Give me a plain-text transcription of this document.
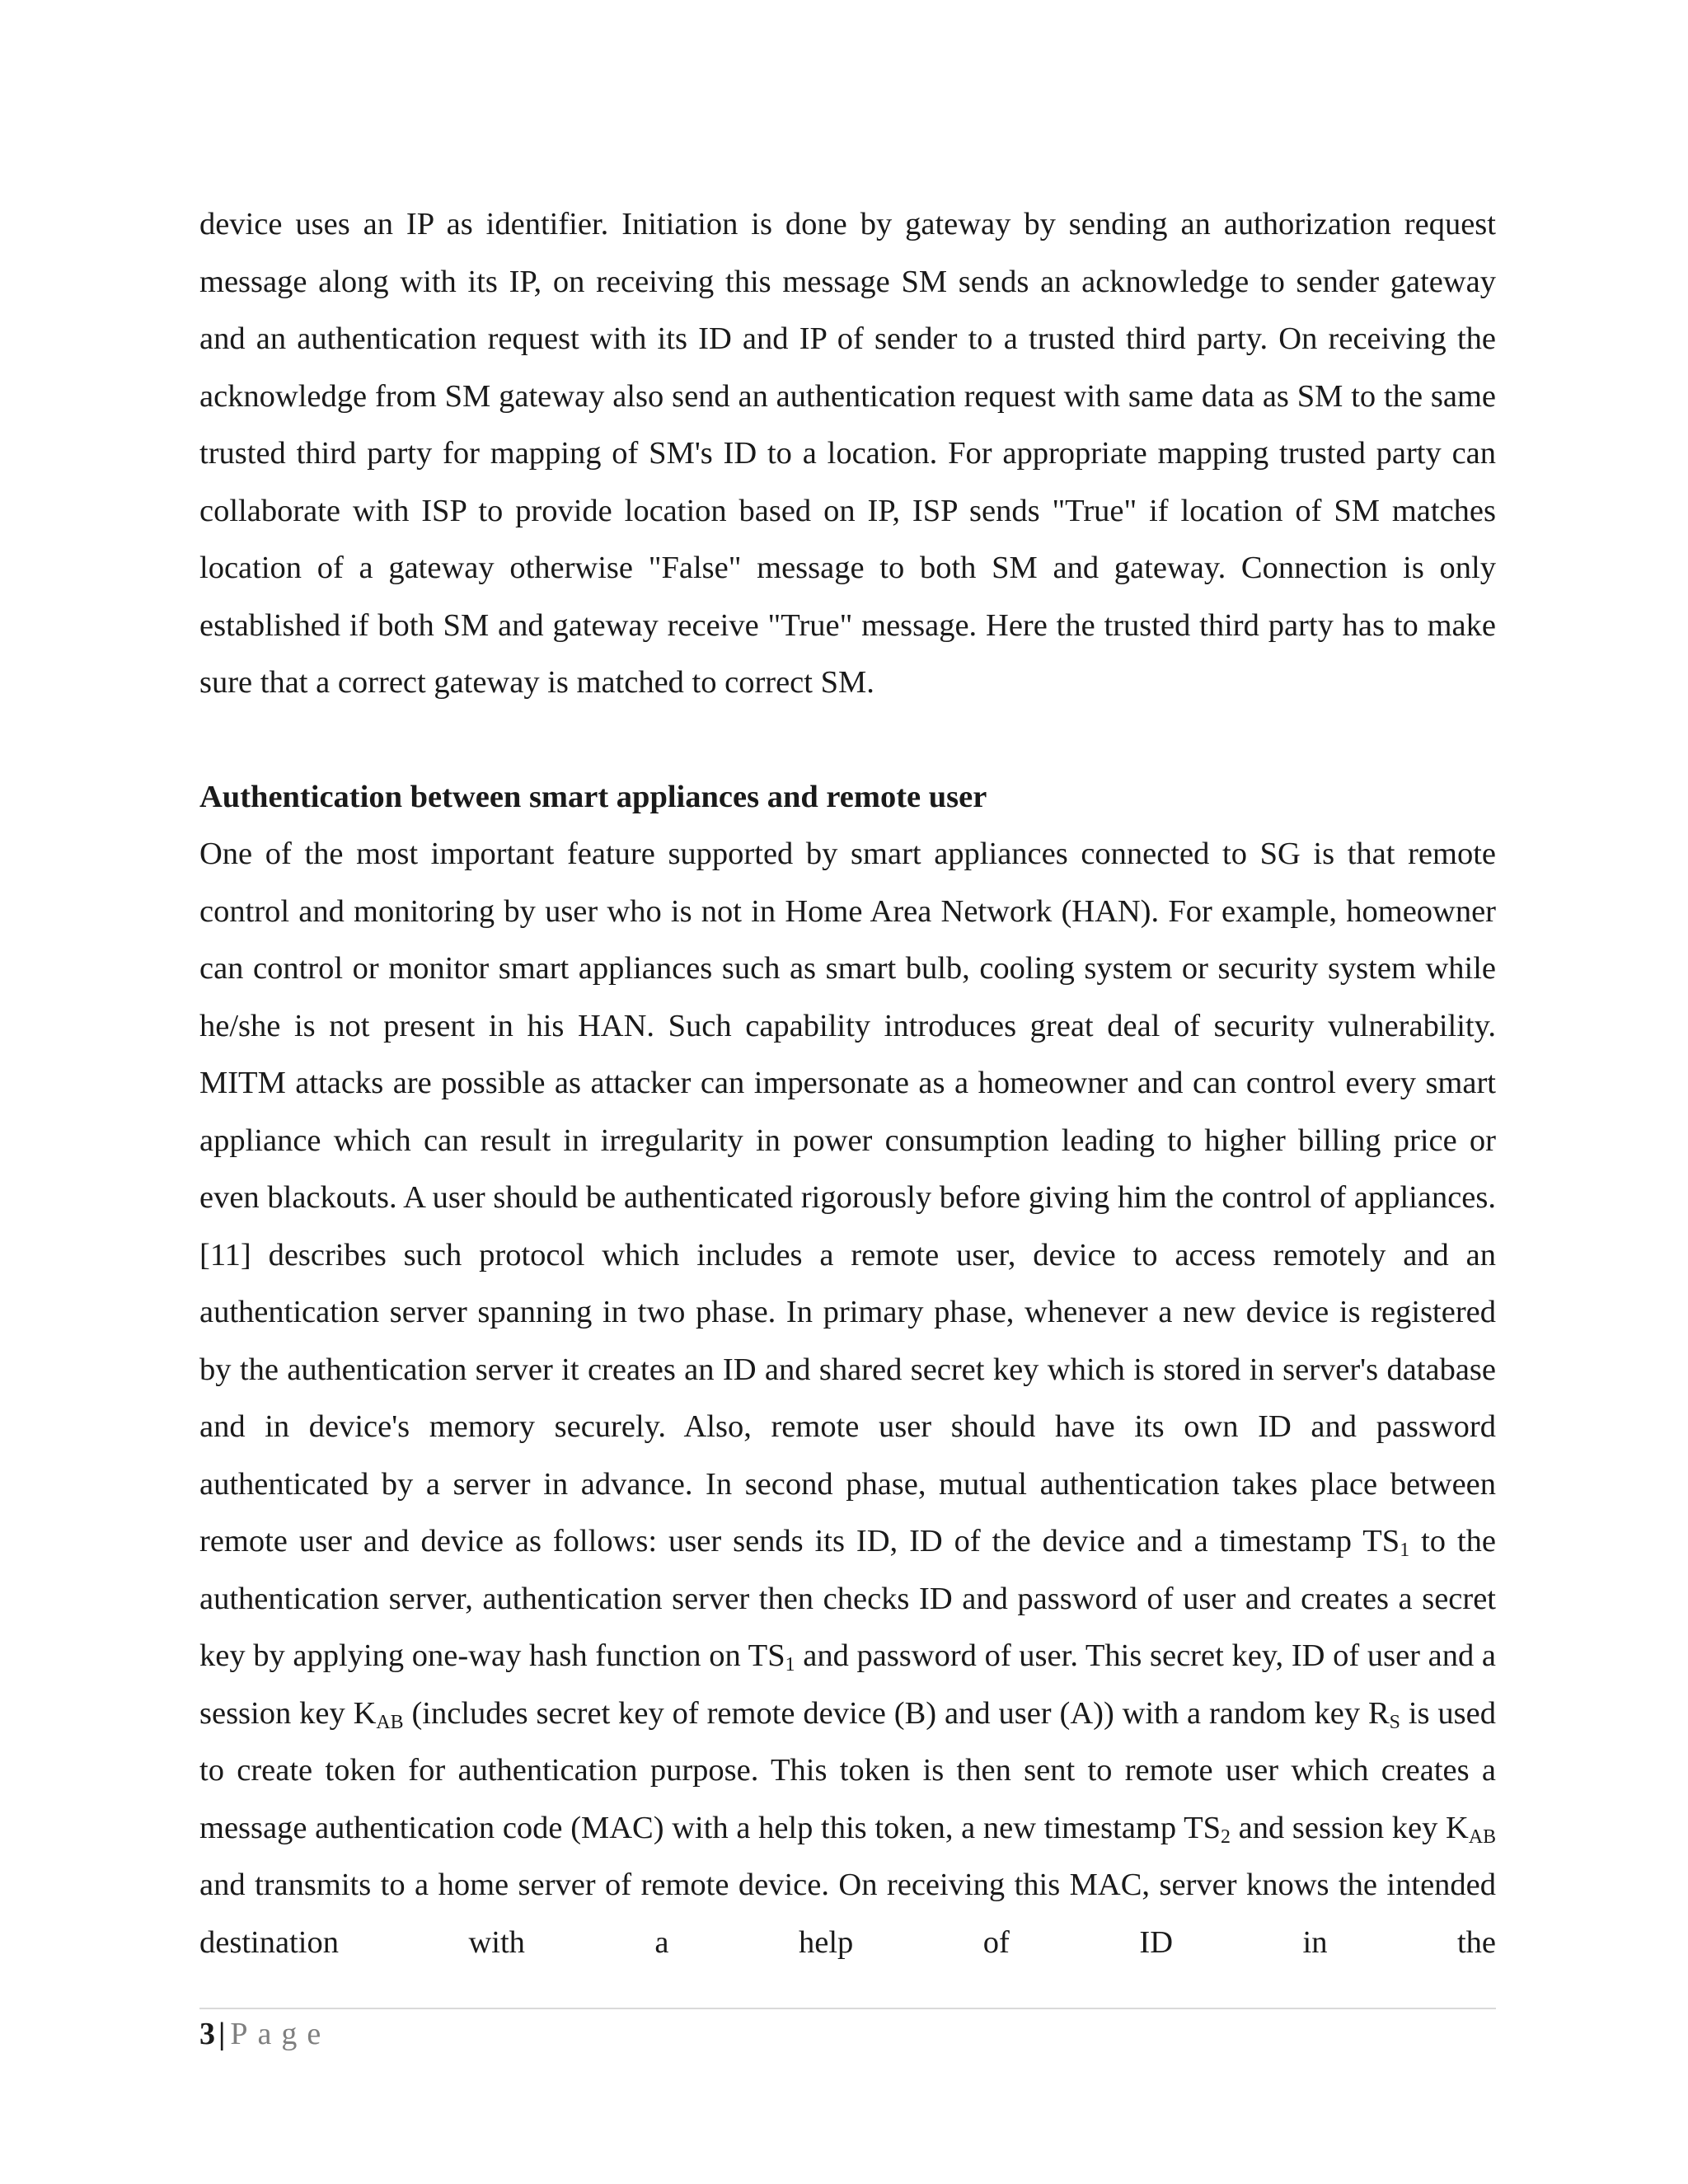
device uses an IP as identifier. Initiation is done by gateway by sending an authorization request message along with its IP, on receiving this message SM sends an acknowledge to sender gateway and an authentication request with its ID and IP of sender to a trusted third party. On receiving the acknowledge from SM gateway also send an authentication request with same data as SM to the same trusted third party for mapping of SM's ID to a location. For appropriate mapping trusted party can collaborate with ISP to provide location based on IP, ISP sends "True" if location of SM matches location of a gateway otherwise "False" message to both SM and gateway. Connection is only established if both SM and gateway receive "True" message. Here the trusted third party has to make sure that a correct gateway is matched to correct SM.

Authentication between smart appliances and remote user

One of the most important feature supported by smart appliances connected to SG is that remote control and monitoring by user who is not in Home Area Network (HAN). For example, homeowner can control or monitor smart appliances such as smart bulb, cooling system or security system while he/she is not present in his HAN. Such capability introduces great deal of security vulnerability. MITM attacks are possible as attacker can impersonate as a homeowner and can control every smart appliance which can result in irregularity in power consumption leading to higher billing price or even blackouts. A user should be authenticated rigorously before giving him the control of appliances. [11] describes such protocol which includes a remote user, device to access remotely and an authentication server spanning in two phase. In primary phase, whenever a new device is registered by the authentication server it creates an ID and shared secret key which is stored in server's database and in device's memory securely. Also, remote user should have its own ID and password authenticated by a server in advance. In second phase, mutual authentication takes place between remote user and device as follows: user sends its ID, ID of the device and a timestamp $TS_1$ to the authentication server, authentication server then checks ID and password of user and creates a secret key by applying one-way hash function on $TS_1$ and password of user. This secret key, ID of user and a session key $K_{AB}$ (includes secret key of remote device (B) and user (A)) with a random key $R_S$ is used to create token for authentication purpose. This token is then sent to remote user which creates a message authentication code (MAC) with a help this token, a new timestamp $TS_2$ and session key $K_{AB}$ and transmits to a home server of remote device. On receiving this MAC, server knows the intended destination with a help of ID in the

3 | Page
